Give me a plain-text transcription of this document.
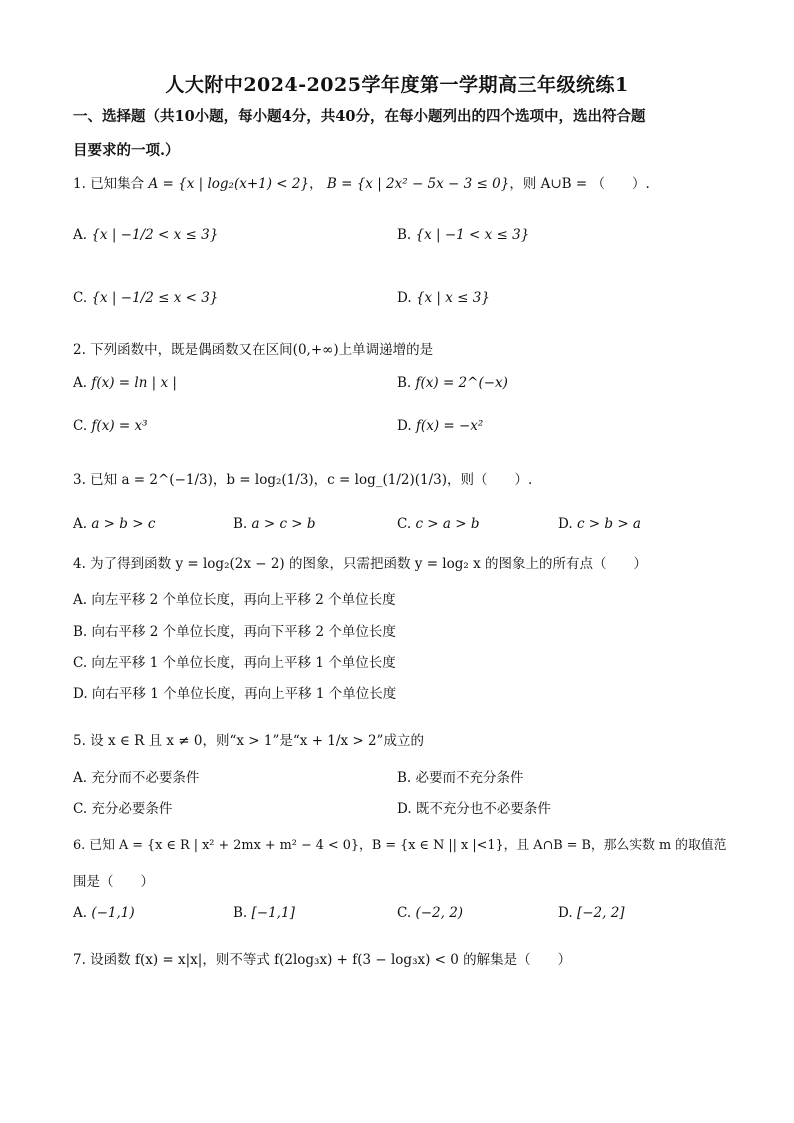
人大附中2024-2025学年度第一学期高三年级统练1
一、选择题（共10小题，每小题4分，共40分，在每小题列出的四个选项中，选出符合题
目要求的一项.）
1. 已知集合 A = {x | log₂(x+1) < 2}， B = {x | 2x² − 5x − 3 ≤ 0}，则 A∪B = （　　）.
A. {x | −1/2 < x ≤ 3}	B. {x | −1 < x ≤ 3}
C. {x | −1/2 ≤ x < 3}	D. {x | x ≤ 3}
2. 下列函数中，既是偶函数又在区间(0,+∞)上单调递增的是
A. f(x) = ln | x |	B. f(x) = 2^(−x)
C. f(x) = x³	D. f(x) = −x²
3. 已知 a = 2^(−1/3)，b = log₂(1/3)，c = log_(1/2)(1/3)，则（　　）.
A. a > b > c	B. a > c > b	C. c > a > b	D. c > b > a
4. 为了得到函数 y = log₂(2x − 2) 的图象，只需把函数 y = log₂ x 的图象上的所有点（　　）
A. 向左平移 2 个单位长度，再向上平移 2 个单位长度
B. 向右平移 2 个单位长度，再向下平移 2 个单位长度
C. 向左平移 1 个单位长度，再向上平移 1 个单位长度
D. 向右平移 1 个单位长度，再向上平移 1 个单位长度
5. 设 x ∈ R 且 x ≠ 0，则“x > 1”是“x + 1/x > 2”成立的
A. 充分而不必要条件	B. 必要而不充分条件
C. 充分必要条件	D. 既不充分也不必要条件
6. 已知 A = {x ∈ R | x² + 2mx + m² − 4 < 0}，B = {x ∈ N || x |<1}，且 A∩B = B，那么实数 m 的取值范
围是（　　）
A. (−1,1)	B. [−1,1]	C. (−2, 2)	D. [−2, 2]
7. 设函数 f(x) = x|x|，则不等式 f(2log₃x) + f(3 − log₃x) < 0 的解集是（　　）
